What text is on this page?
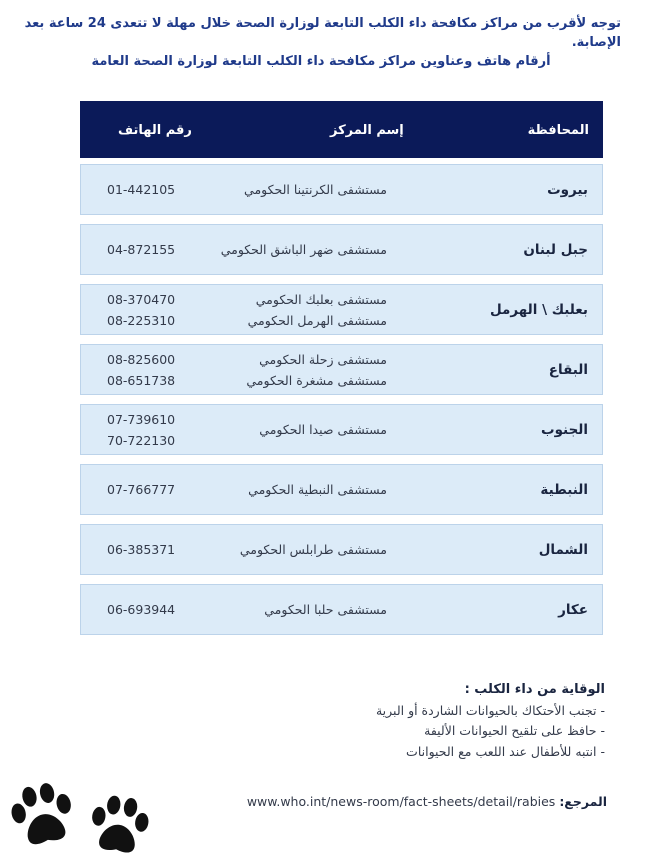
توجه لأقرب من مراكز مكافحة داء الكلب التابعة لوزارة الصحة خلال مهلة لا تتعدى 24 ساعة بعد الإصابة.
أرقام هاتف وعناوين مراكز مكافحة داء الكلب التابعة لوزارة الصحة العامة
المحافظة
إسم المركز
رقم الهاتف
بيروت
مستشفى الكرنتينا الحكومي
01-442105
جبل لبنان
مستشفى ضهر الباشق الحكومي
04-872155
بعلبك \ الهرمل
مستشفى بعلبك الحكومي
مستشفى الهرمل الحكومي
08-370470
08-225310
البقاع
مستشفى زحلة الحكومي
مستشفى مشغرة الحكومي
08-825600
08-651738
الجنوب
مستشفى صيدا الحكومي
07-739610
70-722130
النبطية
مستشفى النبطية الحكومي
07-766777
الشمال
مستشفى طرابلس الحكومي
06-385371
عكار
مستشفى حلبا الحكومي
06-693944
الوقاية من داء الكلب :
- تجنب الأحتكاك بالحيوانات الشاردة أو البرية
- حافظ على تلقيح الحيوانات الأليفة
- انتبه للأطفال عند اللعب مع الحيوانات
المرجع: www.who.int/news-room/fact-sheets/detail/rabies
